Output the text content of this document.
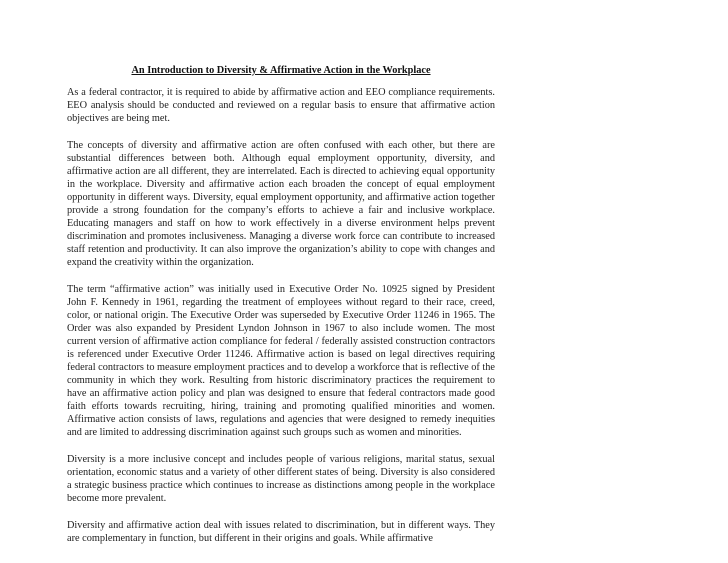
An Introduction to Diversity & Affirmative Action in the Workplace

As a federal contractor, it is required to abide by affirmative action and EEO compliance requirements. EEO analysis should be conducted and reviewed on a regular basis to ensure that affirmative action objectives are being met.

The concepts of diversity and affirmative action are often confused with each other, but there are substantial differences between both. Although equal employment opportunity, diversity, and affirmative action are all different, they are interrelated. Each is directed to achieving equal opportunity in the workplace. Diversity and affirmative action each broaden the concept of equal employment opportunity in different ways. Diversity, equal employment opportunity, and affirmative action together provide a strong foundation for the company’s efforts to achieve a fair and inclusive workplace. Educating managers and staff on how to work effectively in a diverse environment helps prevent discrimination and promotes inclusiveness. Managing a diverse work force can contribute to increased staff retention and productivity. It can also improve the organization’s ability to cope with changes and expand the creativity within the organization.

The term “affirmative action” was initially used in Executive Order No. 10925 signed by President John F. Kennedy in 1961, regarding the treatment of employees without regard to their race, creed, color, or national origin. The Executive Order was superseded by Executive Order 11246 in 1965. The Order was also expanded by President Lyndon Johnson in 1967 to also include women. The most current version of affirmative action compliance for federal / federally assisted construction contractors is referenced under Executive Order 11246. Affirmative action is based on legal directives requiring federal contractors to measure employment practices and to develop a workforce that is reflective of the community in which they work. Resulting from historic discriminatory practices the requirement to have an affirmative action policy and plan was designed to ensure that federal contractors made good faith efforts towards recruiting, hiring, training and promoting qualified minorities and women. Affirmative action consists of laws, regulations and agencies that were designed to remedy inequities and are limited to addressing discrimination against such groups such as women and minorities.

Diversity is a more inclusive concept and includes people of various religions, marital status, sexual orientation, economic status and a variety of other different states of being. Diversity is also considered a strategic business practice which continues to increase as distinctions among people in the workplace become more prevalent.

Diversity and affirmative action deal with issues related to discrimination, but in different ways. They are complementary in function, but different in their origins and goals. While affirmative
